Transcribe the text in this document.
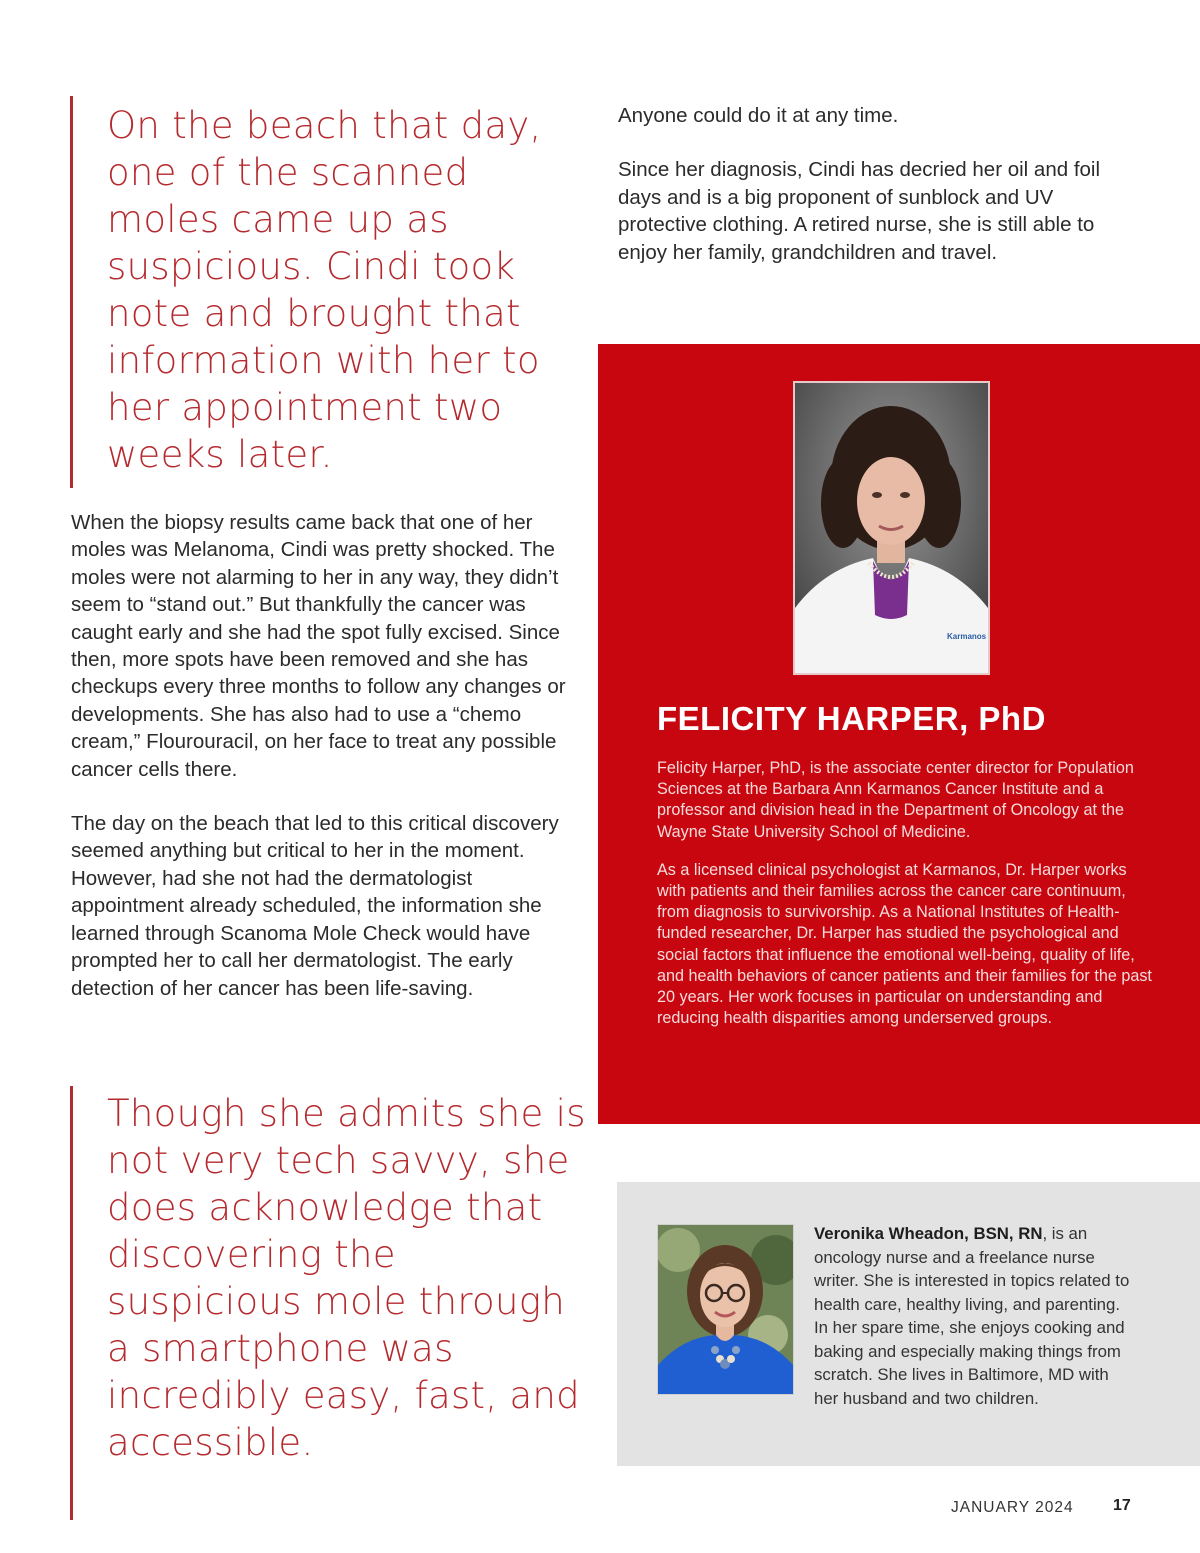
On the beach that day, one of the scanned moles came up as suspicious. Cindi took note and brought that information with her to her appointment two weeks later.

When the biopsy results came back that one of her moles was Melanoma, Cindi was pretty shocked. The moles were not alarming to her in any way, they didn’t seem to “stand out.” But thankfully the cancer was caught early and she had the spot fully excised. Since then, more spots have been removed and she has checkups every three months to follow any changes or developments. She has also had to use a “chemo cream,” Flourouracil, on her face to treat any possible cancer cells there.

The day on the beach that led to this critical discovery seemed anything but critical to her in the moment. However, had she not had the dermatologist appointment already scheduled, the information she learned through Scanoma Mole Check would have prompted her to call her dermatologist. The early detection of her cancer has been life-saving.

Though she admits she is not very tech savvy, she does acknowledge that discovering the suspicious mole through a smartphone was incredibly easy, fast, and accessible.

Anyone could do it at any time.

Since her diagnosis, Cindi has decried her oil and foil days and is a big proponent of sunblock and UV protective clothing. A retired nurse, she is still able to enjoy her family, grandchildren and travel.

Karmanos
FELICITY HARPER, PhD

Felicity Harper, PhD, is the associate center director for Population Sciences at the Barbara Ann Karmanos Cancer Institute and a professor and division head in the Department of Oncology at the Wayne State University School of Medicine.

As a licensed clinical psychologist at Karmanos, Dr. Harper works with patients and their families across the cancer care continuum, from diagnosis to survivorship. As a National Institutes of Health-funded researcher, Dr. Harper has studied the psychological and social factors that influence the emotional well-being, quality of life, and health behaviors of cancer patients and their families for the past 20 years. Her work focuses in particular on understanding and reducing health disparities among underserved groups.

Veronika Wheadon, BSN, RN, is an oncology nurse and a freelance nurse writer. She is interested in topics related to health care, healthy living, and parenting. In her spare time, she enjoys cooking and baking and especially making things from scratch. She lives in Baltimore, MD with her husband and two children.
JANUARY 2024 17
